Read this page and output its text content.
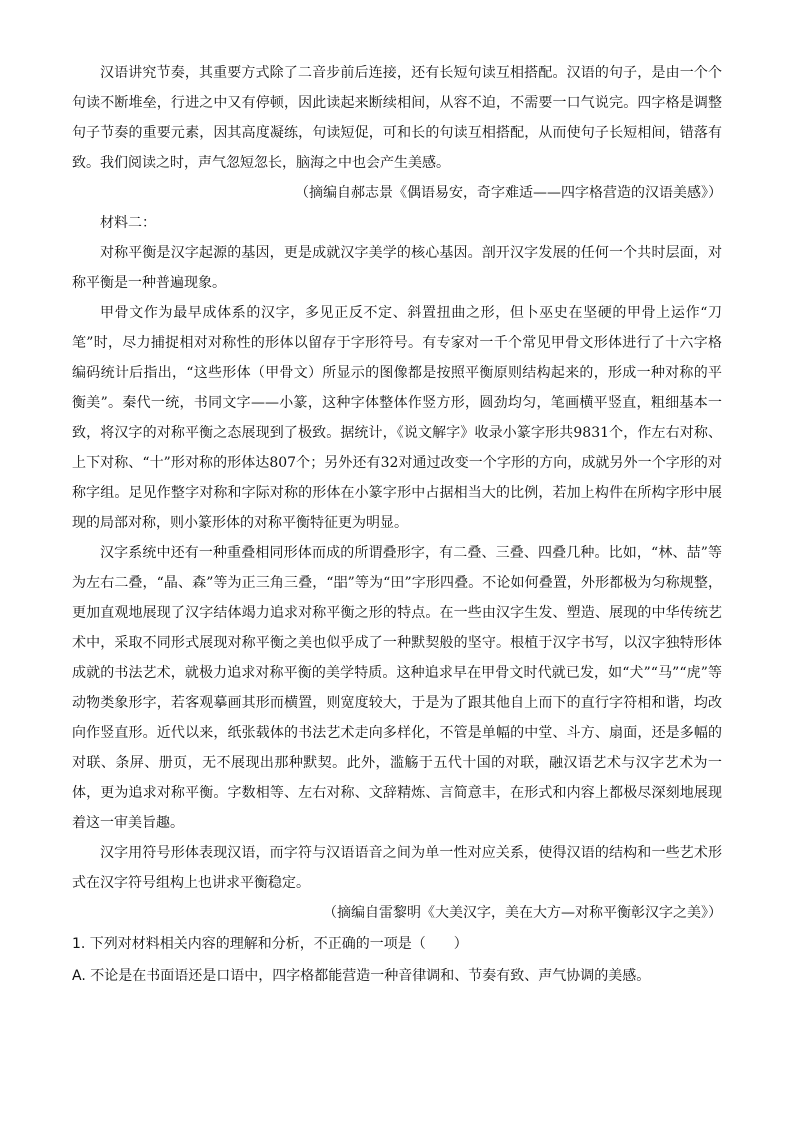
汉语讲究节奏，其重要方式除了二音步前后连接，还有长短句读互相搭配。汉语的句子，是由一个个句读不断堆垒，行进之中又有停顿，因此读起来断续相间，从容不迫，不需要一口气说完。四字格是调整句子节奏的重要元素，因其高度凝练，句读短促，可和长的句读互相搭配，从而使句子长短相间，错落有致。我们阅读之时，声气忽短忽长，脑海之中也会产生美感。

（摘编自郝志景《偶语易安，奇字难适——四字格营造的汉语美感》）

材料二：

对称平衡是汉字起源的基因，更是成就汉字美学的核心基因。剖开汉字发展的任何一个共时层面，对称平衡是一种普遍现象。

甲骨文作为最早成体系的汉字，多见正反不定、斜置扭曲之形，但卜巫史在坚硬的甲骨上运作“刀笔”时，尽力捕捉相对对称性的形体以留存于字形符号。有专家对一千个常见甲骨文形体进行了十六字格编码统计后指出，“这些形体（甲骨文）所显示的图像都是按照平衡原则结构起来的，形成一种对称的平衡美”。秦代一统，书同文字——小篆，这种字体整体作竖方形，圆劲均匀，笔画横平竖直，粗细基本一致，将汉字的对称平衡之态展现到了极致。据统计，《说文解字》收录小篆字形共9831个，作左右对称、上下对称、“十”形对称的形体达807个；另外还有32对通过改变一个字形的方向，成就另外一个字形的对称字组。足见作整字对称和字际对称的形体在小篆字形中占据相当大的比例，若加上构件在所构字形中展现的局部对称，则小篆形体的对称平衡特征更为明显。

汉字系统中还有一种重叠相同形体而成的所谓叠形字，有二叠、三叠、四叠几种。比如，“林、喆”等为左右二叠，“晶、森”等为正三角三叠，“㗊”等为“田”字形四叠。不论如何叠置，外形都极为匀称规整，更加直观地展现了汉字结体竭力追求对称平衡之形的特点。在一些由汉字生发、塑造、展现的中华传统艺术中，采取不同形式展现对称平衡之美也似乎成了一种默契般的坚守。根植于汉字书写，以汉字独特形体成就的书法艺术，就极力追求对称平衡的美学特质。这种追求早在甲骨文时代就已发，如“犬”“马”“虎”等动物类象形字，若客观摹画其形而横置，则宽度较大，于是为了跟其他自上而下的直行字符相和谐，均改向作竖直形。近代以来，纸张载体的书法艺术走向多样化，不管是单幅的中堂、斗方、扇面，还是多幅的对联、条屏、册页，无不展现出那种默契。此外，滥觞于五代十国的对联，融汉语艺术与汉字艺术为一体，更为追求对称平衡。字数相等、左右对称、文辞精炼、言简意丰，在形式和内容上都极尽深刻地展现着这一审美旨趣。

汉字用符号形体表现汉语，而字符与汉语语音之间为单一性对应关系，使得汉语的结构和一些艺术形式在汉字符号组构上也讲求平衡稳定。

（摘编自雷黎明《大美汉字，美在大方—对称平衡彰汉字之美》）

1. 下列对材料相关内容的理解和分析，不正确的一项是（　　）

A. 不论是在书面语还是口语中，四字格都能营造一种音律调和、节奏有致、声气协调的美感。
